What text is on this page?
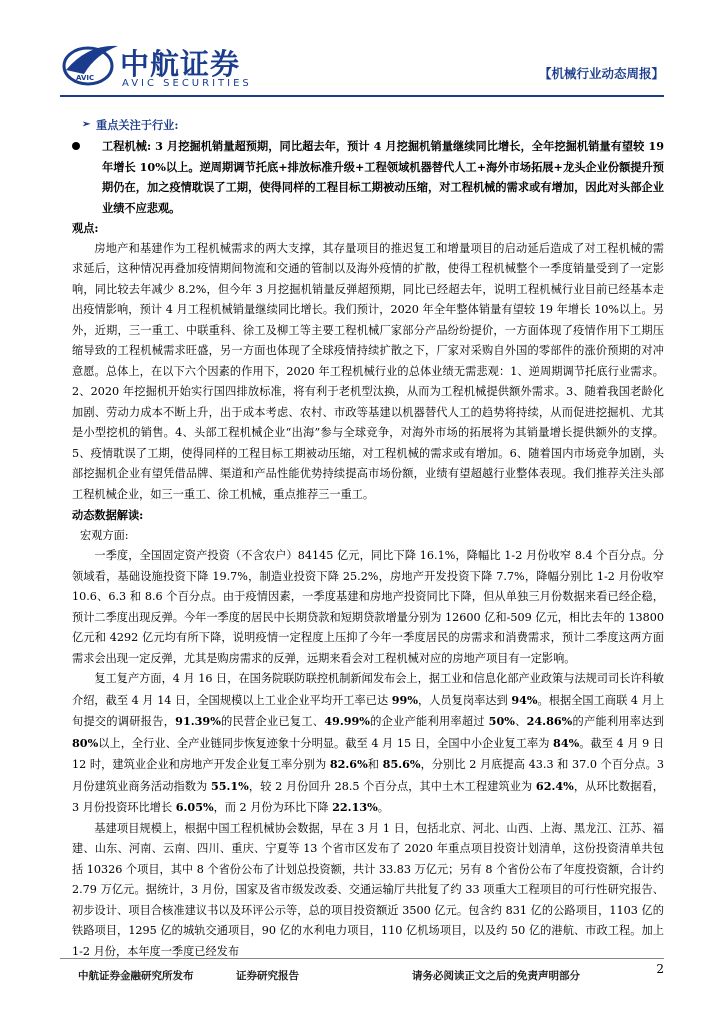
AVIC 中航证券
AVIC SECURITIES
【机械行业动态周报】
➢ 重点关注于行业:
工程机械: 3 月挖掘机销量超预期，同比超去年，预计 4 月挖掘机销量继续同比增长，全年挖掘机销量有望较 19 年增长 10%以上。逆周期调节托底+排放标准升级+工程领域机器替代人工+海外市场拓展+龙头企业份额提升预期仍在，加之疫情耽误了工期，使得同样的工程目标工期被动压缩，对工程机械的需求或有增加，因此对头部企业业绩不应悲观。
观点:

房地产和基建作为工程机械需求的两大支撑，其存量项目的推迟复工和增量项目的启动延后造成了对工程机械的需求延后，这种情况再叠加疫情期间物流和交通的管制以及海外疫情的扩散，使得工程机械整个一季度销量受到了一定影响，同比较去年减少 8.2%，但今年 3 月挖掘机销量反弹超预期，同比已经超去年，说明工程机械行业目前已经基本走出疫情影响，预计 4 月工程机械销量继续同比增长。我们预计，2020 年全年整体销量有望较 19 年增长 10%以上。另外，近期，三一重工、中联重科、徐工及柳工等主要工程机械厂家部分产品纷纷提价，一方面体现了疫情作用下工期压缩导致的工程机械需求旺盛，另一方面也体现了全球疫情持续扩散之下，厂家对采购自外国的零部件的涨价预期的对冲意愿。总体上，在以下六个因素的作用下，2020 年工程机械行业的总体业绩无需悲观：1、逆周期调节托底行业需求。2、2020 年挖掘机开始实行国四排放标准，将有利于老机型汰换，从而为工程机械提供额外需求。3、随着我国老龄化加剧、劳动力成本不断上升，出于成本考虑、农村、市政等基建以机器替代人工的趋势将持续，从而促进挖掘机、尤其是小型挖机的销售。4、头部工程机械企业“出海”参与全球竞争，对海外市场的拓展将为其销量增长提供额外的支撑。5、疫情耽误了工期，使得同样的工程目标工期被动压缩，对工程机械的需求或有增加。6、随着国内市场竞争加剧，头部挖掘机企业有望凭借品牌、渠道和产品性能优势持续提高市场份额，业绩有望超越行业整体表现。我们推荐关注头部工程机械企业，如三一重工、徐工机械，重点推荐三一重工。

动态数据解读:
宏观方面:

一季度，全国固定资产投资（不含农户）84145 亿元，同比下降 16.1%，降幅比 1-2 月份收窄 8.4 个百分点。分领域看，基础设施投资下降 19.7%，制造业投资下降 25.2%，房地产开发投资下降 7.7%，降幅分别比 1-2 月份收窄 10.6、6.3 和 8.6 个百分点。由于疫情因素，一季度基建和房地产投资同比下降，但从单独三月份数据来看已经企稳，预计二季度出现反弹。今年一季度的居民中长期贷款和短期贷款增量分别为 12600 亿和-509 亿元，相比去年的 13800 亿元和 4292 亿元均有所下降，说明疫情一定程度上压抑了今年一季度居民的房需求和消费需求，预计二季度这两方面需求会出现一定反弹，尤其是购房需求的反弹，远期来看会对工程机械对应的房地产项目有一定影响。

复工复产方面，4 月 16 日，在国务院联防联控机制新闻发布会上，据工业和信息化部产业政策与法规司司长许科敏介绍，截至 4 月 14 日，全国规模以上工业企业平均开工率已达 99%，人员复岗率达到 94%。根据全国工商联 4 月上旬提交的调研报告，91.39%的民营企业已复工、49.99%的企业产能利用率超过 50%、24.86%的产能利用率达到 80%以上，全行业、全产业链同步恢复迹象十分明显。截至 4 月 15 日，全国中小企业复工率为 84%。截至 4 月 9 日 12 时，建筑业企业和房地产开发企业复工率分别为 82.6%和 85.6%，分别比 2 月底提高 43.3 和 37.0 个百分点。3 月份建筑业商务活动指数为 55.1%，较 2 月份回升 28.5 个百分点，其中土木工程建筑业为 62.4%，从环比数据看，3 月份投资环比增长 6.05%，而 2 月份为环比下降 22.13%。

基建项目规模上，根据中国工程机械协会数据，早在 3 月 1 日，包括北京、河北、山西、上海、黑龙江、江苏、福建、山东、河南、云南、四川、重庆、宁夏等 13 个省市区发布了 2020 年重点项目投资计划清单，这份投资清单共包括 10326 个项目，其中 8 个省份公布了计划总投资额，共计 33.83 万亿元；另有 8 个省份公布了年度投资额，合计约 2.79 万亿元。据统计，3 月份，国家及省市级发改委、交通运输厅共批复了约 33 项重大工程项目的可行性研究报告、初步设计、项目合核准建议书以及环评公示等，总的项目投资额近 3500 亿元。包含约 831 亿的公路项目，1103 亿的铁路项目，1295 亿的城轨交通项目，90 亿的水利电力项目，110 亿机场项目，以及约 50 亿的港航、市政工程。加上 1-2 月份，本年度一季度已经发布

中航证券金融研究所发布	证券研究报告	请务必阅读正文之后的免责声明部分	2
